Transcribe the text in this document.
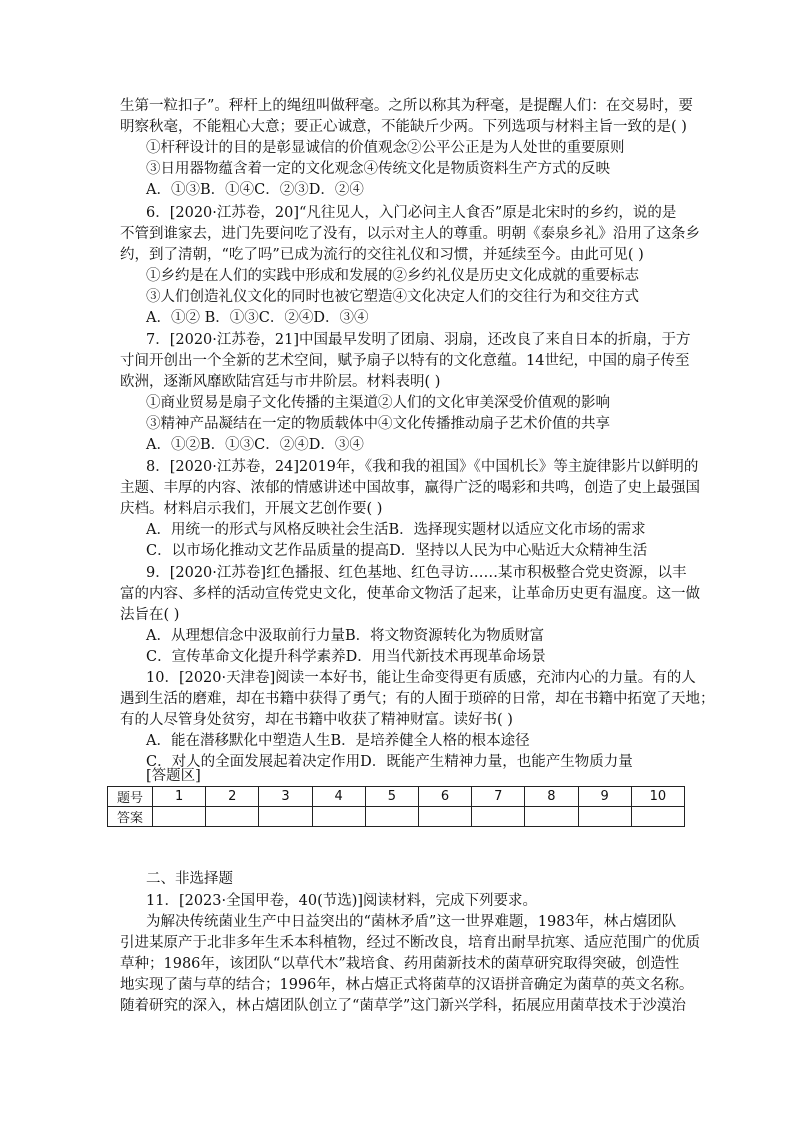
生第一粒扣子”。秤杆上的绳纽叫做秤毫。之所以称其为秤毫，是提醒人们：在交易时，要
明察秋毫，不能粗心大意；要正心诚意，不能缺斤少两。下列选项与材料主旨一致的是( )
①杆秤设计的目的是彰显诚信的价值观念②公平公正是为人处世的重要原则
③日用器物蕴含着一定的文化观念④传统文化是物质资料生产方式的反映
A．①③B．①④C．②③D．②④
6．[2020·江苏卷，20]“凡往见人，入门必问主人食否”原是北宋时的乡约，说的是
不管到谁家去，进门先要问吃了没有，以示对主人的尊重。明朝《泰泉乡礼》沿用了这条乡
约，到了清朝，“吃了吗”已成为流行的交往礼仪和习惯，并延续至今。由此可见( )
①乡约是在人们的实践中形成和发展的②乡约礼仪是历史文化成就的重要标志
③人们创造礼仪文化的同时也被它塑造④文化决定人们的交往行为和交往方式
A．①② B．①③C．②④D．③④
7．[2020·江苏卷，21]中国最早发明了团扇、羽扇，还改良了来自日本的折扇，于方
寸间开创出一个全新的艺术空间，赋予扇子以特有的文化意蕴。14世纪，中国的扇子传至
欧洲，逐渐风靡欧陆宫廷与市井阶层。材料表明( )
①商业贸易是扇子文化传播的主渠道②人们的文化审美深受价值观的影响
③精神产品凝结在一定的物质载体中④文化传播推动扇子艺术价值的共享
A．①②B．①③C．②④D．③④
8．[2020·江苏卷，24]2019年，《我和我的祖国》《中国机长》等主旋律影片以鲜明的
主题、丰厚的内容、浓郁的情感讲述中国故事，赢得广泛的喝彩和共鸣，创造了史上最强国
庆档。材料启示我们，开展文艺创作要( )
A．用统一的形式与风格反映社会生活B．选择现实题材以适应文化市场的需求
C．以市场化推动文艺作品质量的提高D．坚持以人民为中心贴近大众精神生活
9．[2020·江苏卷]红色播报、红色基地、红色寻访……某市积极整合党史资源，以丰
富的内容、多样的活动宣传党史文化，使革命文物活了起来，让革命历史更有温度。这一做
法旨在( )
A．从理想信念中汲取前行力量B．将文物资源转化为物质财富
C．宣传革命文化提升科学素养D．用当代新技术再现革命场景
10．[2020·天津卷]阅读一本好书，能让生命变得更有质感，充沛内心的力量。有的人
遇到生活的磨难，却在书籍中获得了勇气；有的人囿于琐碎的日常，却在书籍中拓宽了天地；
有的人尽管身处贫穷，却在书籍中收获了精神财富。读好书( )
A．能在潜移默化中塑造人生B．是培养健全人格的根本途径
C．对人的全面发展起着决定作用D．既能产生精神力量，也能产生物质力量
[答题区]
题号	1	2	3	4	5	6	7	8	9	10
答案										
二、非选择题
11．[2023·全国甲卷，40(节选)]阅读材料，完成下列要求。
为解决传统菌业生产中日益突出的“菌林矛盾”这一世界难题，1983年，林占熺团队
引进某原产于北非多年生禾本科植物，经过不断改良，培育出耐旱抗寒、适应范围广的优质
草种；1986年，该团队“以草代木”栽培食、药用菌新技术的菌草研究取得突破，创造性
地实现了菌与草的结合；1996年，林占熺正式将菌草的汉语拼音确定为菌草的英文名称。
随着研究的深入，林占熺团队创立了“菌草学”这门新兴学科，拓展应用菌草技术于沙漠治
